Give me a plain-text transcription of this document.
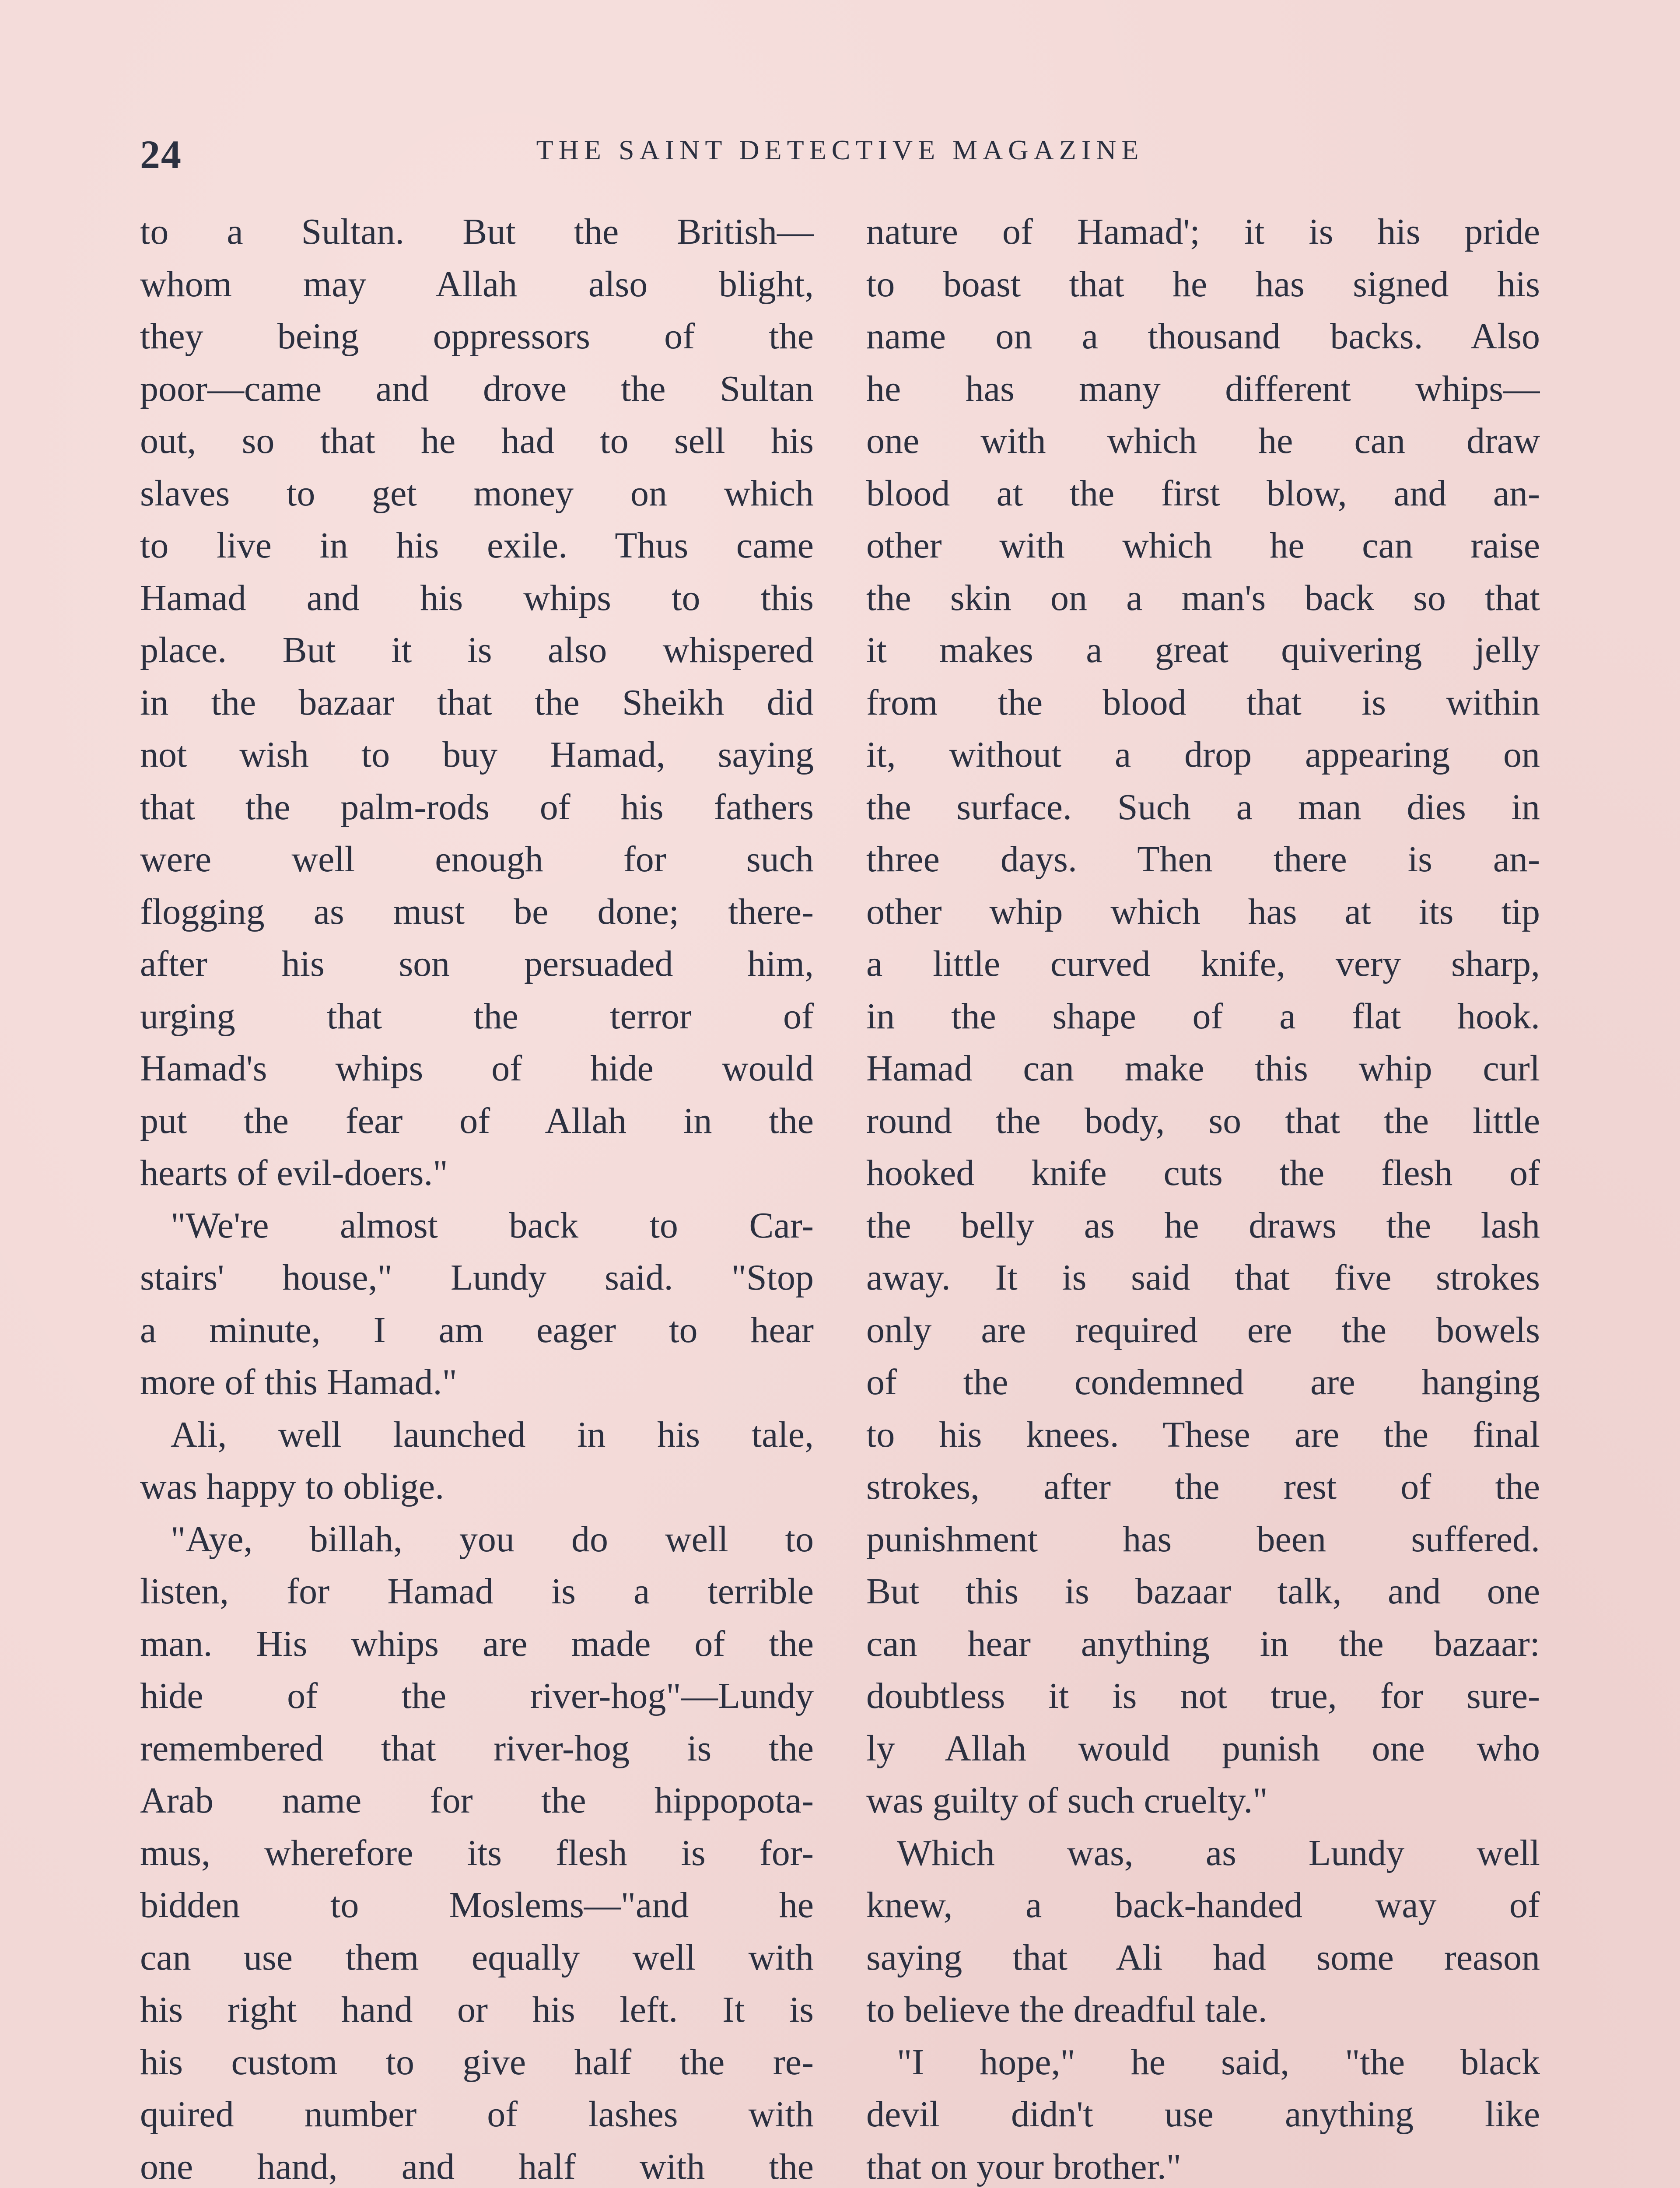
24	THE SAINT DETECTIVE MAGAZINE
to a Sultan. But the British—
whom may Allah also blight,
they being oppressors of the
poor—came and drove the Sultan
out, so that he had to sell his
slaves to get money on which
to live in his exile. Thus came
Hamad and his whips to this
place. But it is also whispered
in the bazaar that the Sheikh did
not wish to buy Hamad, saying
that the palm-rods of his fathers
were well enough for such
flogging as must be done; there-
after his son persuaded him,
urging that the terror of
Hamad's whips of hide would
put the fear of Allah in the
hearts of evil-doers."
"We're almost back to Car-
stairs' house," Lundy said. "Stop
a minute, I am eager to hear
more of this Hamad."
Ali, well launched in his tale,
was happy to oblige.
"Aye, billah, you do well to
listen, for Hamad is a terrible
man. His whips are made of the
hide of the river-hog"—Lundy
remembered that river-hog is the
Arab name for the hippopota-
mus, wherefore its flesh is for-
bidden to Moslems—"and he
can use them equally well with
his right hand or his left. It is
his custom to give half the re-
quired number of lashes with
one hand, and half with the
nature of Hamad'; it is his pride
to boast that he has signed his
name on a thousand backs. Also
he has many different whips—
one with which he can draw
blood at the first blow, and an-
other with which he can raise
the skin on a man's back so that
it makes a great quivering jelly
from the blood that is within
it, without a drop appearing on
the surface. Such a man dies in
three days. Then there is an-
other whip which has at its tip
a little curved knife, very sharp,
in the shape of a flat hook.
Hamad can make this whip curl
round the body, so that the little
hooked knife cuts the flesh of
the belly as he draws the lash
away. It is said that five strokes
only are required ere the bowels
of the condemned are hanging
to his knees. These are the final
strokes, after the rest of the
punishment has been suffered.
But this is bazaar talk, and one
can hear anything in the bazaar:
doubtless it is not true, for sure-
ly Allah would punish one who
was guilty of such cruelty."
Which was, as Lundy well
knew, a back-handed way of
saying that Ali had some reason
to believe the dreadful tale.
"I hope," he said, "the black
devil didn't use anything like
that on your brother."
